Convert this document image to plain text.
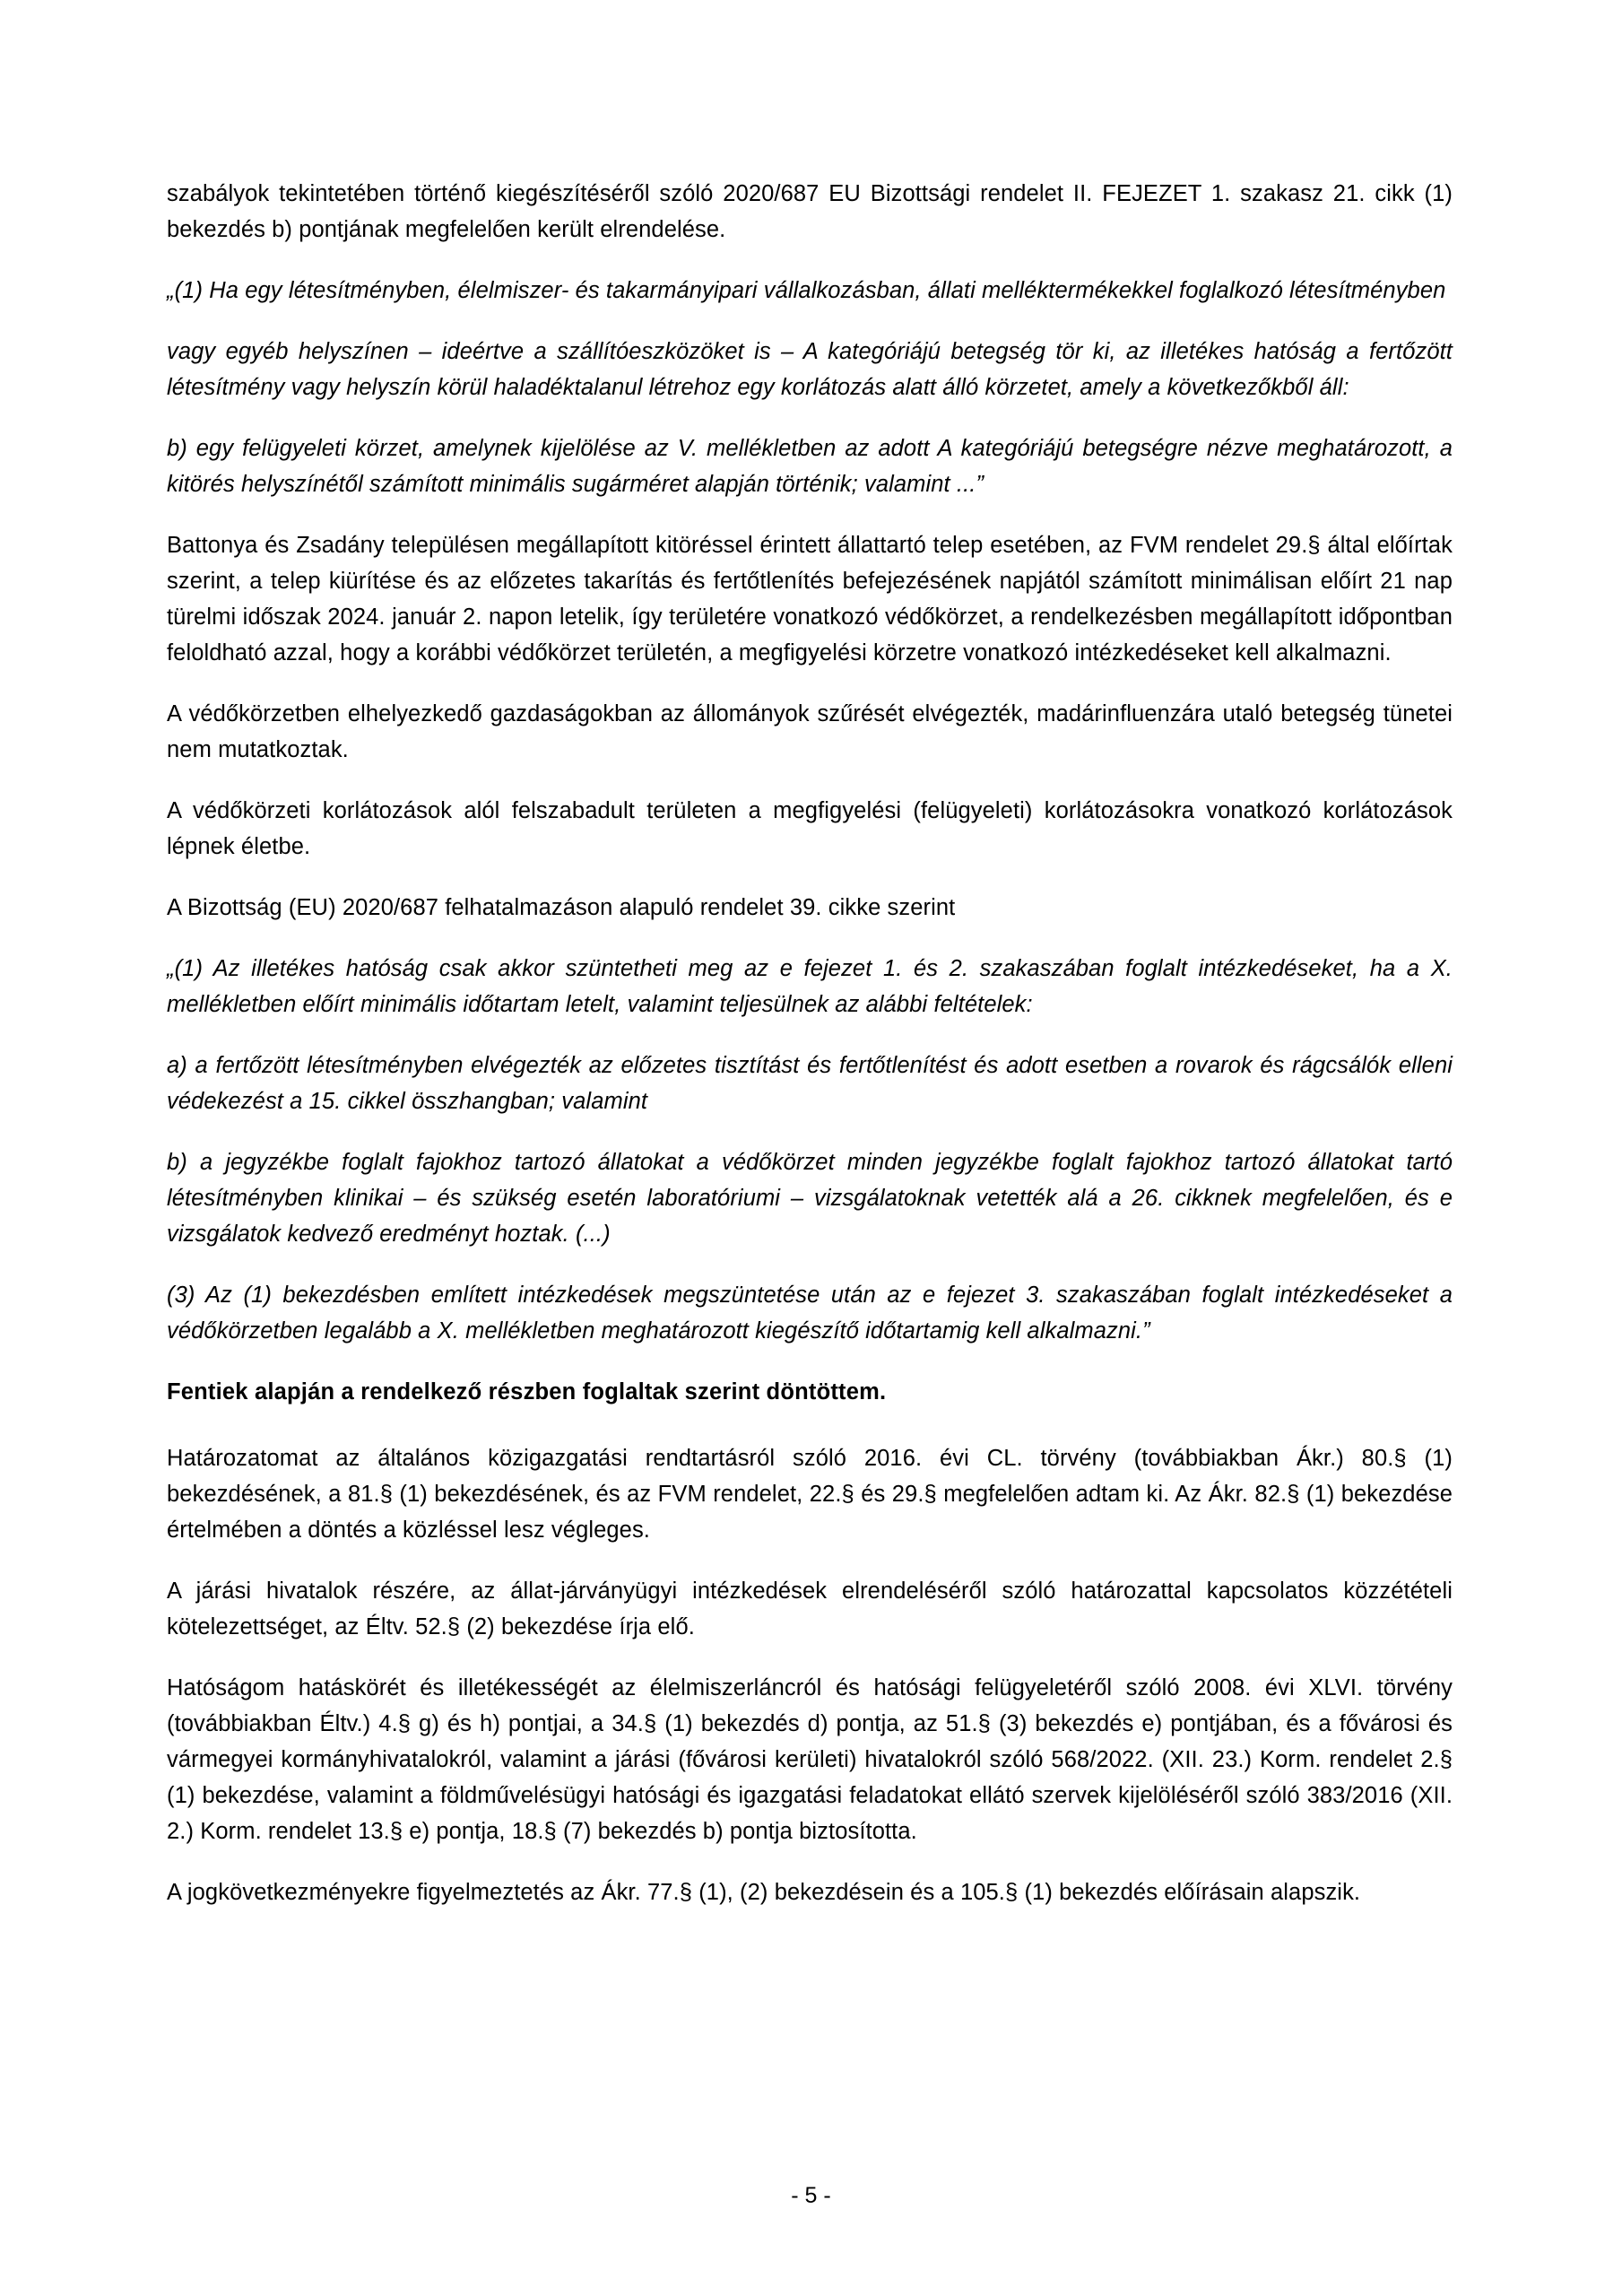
szabályok tekintetében történő kiegészítéséről szóló 2020/687 EU Bizottsági rendelet II. FEJEZET 1. szakasz 21. cikk (1) bekezdés b) pontjának megfelelően került elrendelése.

„(1) Ha egy létesítményben, élelmiszer- és takarmányipari vállalkozásban, állati melléktermékekkel foglalkozó létesítményben

vagy egyéb helyszínen – ideértve a szállítóeszközöket is – A kategóriájú betegség tör ki, az illetékes hatóság a fertőzött létesítmény vagy helyszín körül haladéktalanul létrehoz egy korlátozás alatt álló körzetet, amely a következőkből áll:

b) egy felügyeleti körzet, amelynek kijelölése az V. mellékletben az adott A kategóriájú betegségre nézve meghatározott, a kitörés helyszínétől számított minimális sugárméret alapján történik; valamint ...”

Battonya és Zsadány településen megállapított kitöréssel érintett állattartó telep esetében, az FVM rendelet 29.§ által előírtak szerint, a telep kiürítése és az előzetes takarítás és fertőtlenítés befejezésének napjától számított minimálisan előírt 21 nap türelmi időszak 2024. január 2. napon letelik, így területére vonatkozó védőkörzet, a rendelkezésben megállapított időpontban feloldható azzal, hogy a korábbi védőkörzet területén, a megfigyelési körzetre vonatkozó intézkedéseket kell alkalmazni.

A védőkörzetben elhelyezkedő gazdaságokban az állományok szűrését elvégezték, madárinfluenzára utaló betegség tünetei nem mutatkoztak.

A védőkörzeti korlátozások alól felszabadult területen a megfigyelési (felügyeleti) korlátozásokra vonatkozó korlátozások lépnek életbe.

A Bizottság (EU) 2020/687 felhatalmazáson alapuló rendelet 39. cikke szerint

„(1) Az illetékes hatóság csak akkor szüntetheti meg az e fejezet 1. és 2. szakaszában foglalt intézkedéseket, ha a X. mellékletben előírt minimális időtartam letelt, valamint teljesülnek az alábbi feltételek:

a) a fertőzött létesítményben elvégezték az előzetes tisztítást és fertőtlenítést és adott esetben a rovarok és rágcsálók elleni védekezést a 15. cikkel összhangban; valamint

b) a jegyzékbe foglalt fajokhoz tartozó állatokat a védőkörzet minden jegyzékbe foglalt fajokhoz tartozó állatokat tartó létesítményben klinikai – és szükség esetén laboratóriumi – vizsgálatoknak vetették alá a 26. cikknek megfelelően, és e vizsgálatok kedvező eredményt hoztak. (...)

(3) Az (1) bekezdésben említett intézkedések megszüntetése után az e fejezet 3. szakaszában foglalt intézkedéseket a védőkörzetben legalább a X. mellékletben meghatározott kiegészítő időtartamig kell alkalmazni.”

Fentiek alapján a rendelkező részben foglaltak szerint döntöttem.

Határozatomat az általános közigazgatási rendtartásról szóló 2016. évi CL. törvény (továbbiakban Ákr.) 80.§ (1) bekezdésének, a 81.§ (1) bekezdésének, és az FVM rendelet, 22.§ és 29.§ megfelelően adtam ki. Az Ákr. 82.§ (1) bekezdése értelmében a döntés a közléssel lesz végleges.

A járási hivatalok részére, az állat-járványügyi intézkedések elrendeléséről szóló határozattal kapcsolatos közzétételi kötelezettséget, az Éltv. 52.§ (2) bekezdése írja elő.

Hatóságom hatáskörét és illetékességét az élelmiszerláncról és hatósági felügyeletéről szóló 2008. évi XLVI. törvény (továbbiakban Éltv.) 4.§ g) és h) pontjai, a 34.§ (1) bekezdés d) pontja, az 51.§ (3) bekezdés e) pontjában, és a fővárosi és vármegyei kormányhivatalokról, valamint a járási (fővárosi kerületi) hivatalokról szóló 568/2022. (XII. 23.) Korm. rendelet 2.§ (1) bekezdése, valamint a földművelésügyi hatósági és igazgatási feladatokat ellátó szervek kijelöléséről szóló 383/2016 (XII. 2.) Korm. rendelet 13.§ e) pontja, 18.§ (7) bekezdés b) pontja biztosította.

A jogkövetkezményekre figyelmeztetés az Ákr. 77.§ (1), (2) bekezdésein és a 105.§ (1) bekezdés előírásain alapszik.

- 5 -
